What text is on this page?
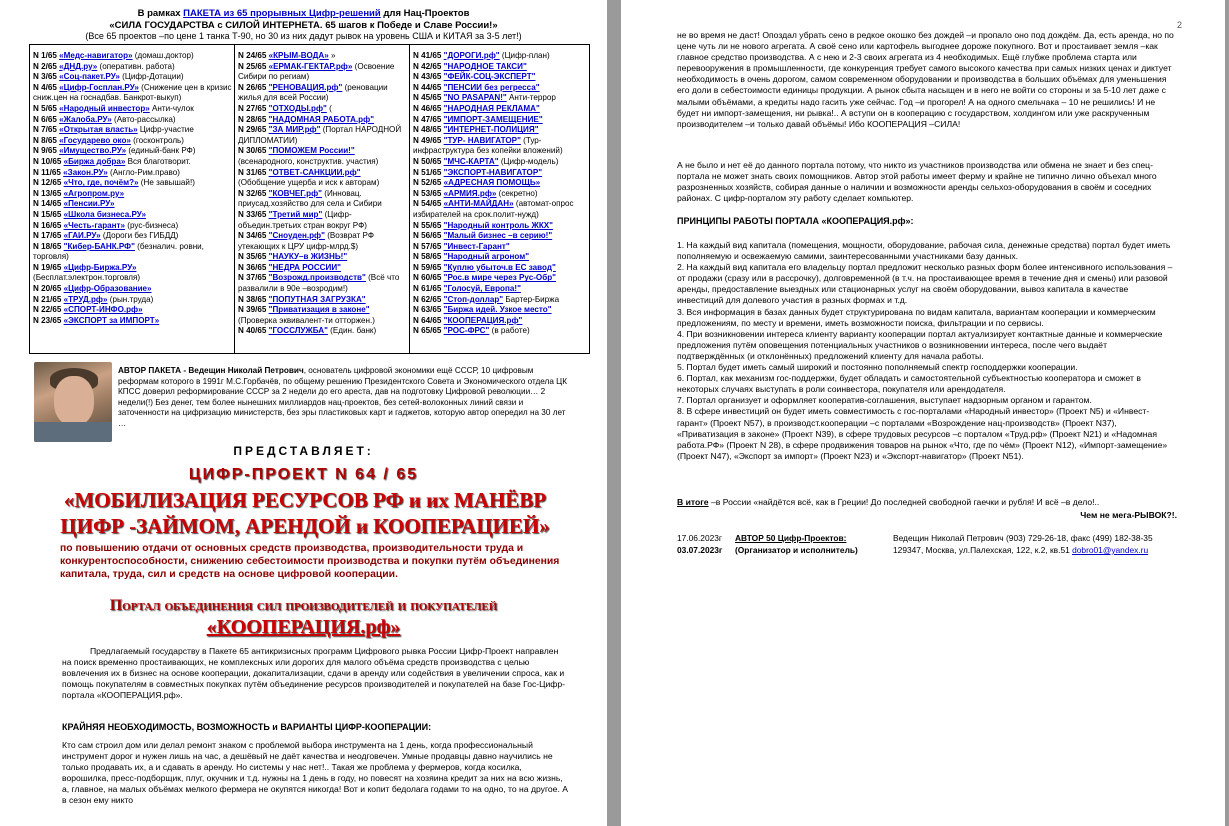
В рамках ПАКЕТА из 65 прорывных Цифр-решений для Нац-Проектов
«СИЛА ГОСУДАРСТВА с СИЛОЙ ИНТЕРНЕТА. 65 шагов к Победе и Славе России!»
(Все 65 проектов –по цене 1 танка Т-90, но 30 из них дадут рывок на уровень США и КИТАЯ за 3-5 лет!)
N 1/65 «Медс-навигатор» (домаш.доктор)
N 2/65 «ДНД.ру» (оперативн. работа)
N 3/65 «Соц-пакет.РУ» (Цифр-Дотации)
N 4/65 «Цифр-Госплан.РУ» (Снижение цен в кризис сниж.цен на госнадбав. Банкрот-выкуп)
N 5/65 «Народный инвестор» Анти-чулок
N 6/65 «Жалоба.РУ» (Авто-рассылка)
N 7/65 «Открытая власть» Цифр-участие
N 8/65 «Государево око» (госконтроль)
N 9/65 «Имущество.РУ» (единый-банк РФ)
N 10/65 «Биржа добра» Вся благотворит.
N 11/65 «Закон.РУ» (Англо-Рим.право)
N 12/65 «Что, где, почём?» (Не завышай!)
N 13/65 «Агропром.ру»
N 14/65 «Пенсии.РУ»
N 15/65 «Школа бизнеса.РУ»
N 16/65 «Честь-гарант» (рус-бизнеса)
N 17/65 «ГАИ.РУ» (Дороги без ГИБДД)
N 18/65 "Кибер-БАНК.РФ" (безналич. ровни, торговля)
N 19/65 «Цифр-Биржа.РУ» (Бесплат.электрон.торговля)
N 20/65 «Цифр-Образование»
N 21/65 «ТРУД.рф» (рын.труда)
N 22/65 «СПОРТ-ИНФО.рф»
N 23/65 «ЭКСПОРТ за ИМПОРТ»
N 24/65 «КРЫМ-ВОДА» »
N 25/65 «ЕРМАК-ГЕКТАР.рф» (Освоение Сибири по региам)
N 26/65 "РЕНОВАЦИЯ.рф" (реновации жилья для всей России)
N 27/65 "ОТХОДЫ.рф" (
N 28/65 "НАДОМНАЯ РАБОТА.рф"
N 29/65 "ЗА МИР.рф" (Портал НАРОДНОЙ ДИПЛОМАТИИ)
N 30/65 "ПОМОЖЕМ России!" (всенародного, конструктив. участия)
N 31/65 "ОТВЕТ-САНКЦИИ.рф" (Обобщение ущерба и иск к авторам)
N 32/65 "КОВЧЕГ.рф" (Инновац. приусад.хозяйство для села и Сибири
N 33/65 "Третий мир" (Цифр-объедин.третьих стран вокруг РФ)
N 34/65 "Сноуден.рф" (Возврат РФ утекающих к ЦРУ цифр-млрд.$)
N 35/65 "НАУКУ–в ЖИЗНЬ!"
N 36/65 "НЕДРА РОССИИ"
N 37/65 "Возрожд.производств" (Всё что развалили в 90е –возродим!)
N 38/65 "ПОПУТНАЯ ЗАГРУЗКА"
N 39/65 "Приватизация в законе" (Проверка эквивалент-ти отторжен.)
N 40/65 "ГОССЛУЖБА" (Един. банк)
N 41/65 "ДОРОГИ.рф" (Цифр-план)
N 42/65 "НАРОДНОЕ ТАКСИ"
N 43/65 "ФЕЙК-СОЦ-ЭКСПЕРТ"
N 44/65 "ПЕНСИИ без регресса"
N 45/65 "NO PASAPAN!" Анти-террор
N 46/65 "НАРОДНАЯ РЕКЛАМА"
N 47/65 "ИМПОРТ-ЗАМЕЩЕНИЕ"
N 48/65 "ИНТЕРНЕТ-ПОЛИЦИЯ"
N 49/65 "ТУР- НАВИГАТОР" (Тур-инфраструктура без копейки вложений)
N 50/65 "МЧС-КАРТА" (Цифр-модель)
N 51/65 "ЭКСПОРТ-НАВИГАТОР"
N 52/65 «АДРЕСНАЯ ПОМОЩЬ»
N 53/65 «АРМИЯ.рф» (секретно)
N 54/65 «АНТИ-МАЙДАН» (автомат-опрос избирателей на срок.полит-нужд)
N 55/65 "Народный контроль ЖКХ"
N 56/65 "Малый бизнес –в серию!"
N 57/65 "Инвест-Гарант"
N 58/65 "Народный агроном"
N 59/65 "Куплю убыточ.в ЕС завод"
N 60/65 "Рос.в мире через Рус-Обр"
N 61/65 "Голосуй, Европа!"
N 62/65 "Стоп-доллар" Бартер-Биржа
N 63/65 "Биржа идей. Узкое место"
N 64/65 "КООПЕРАЦИЯ.рф"
N 65/65 "РОС-ФРС" (в работе)
АВТОР ПАКЕТА - Ведещин Николай Петрович, основатель цифровой экономики ещё СССР, 10 цифровым реформам которого в 1991г М.С.Горбачёв, по общему решению Президентского Совета и Экономического отдела ЦК КПСС доверил реформирование СССР за 2 недели до его ареста, дав на подготовку Цифровой революции… 2 недели(!) Без денег, тем более нынешних миллиардов нац-проектов, без сетей-волоконных линий связи и заточенности на цифризацию министерств, без эры пластиковых карт и гаджетов, которую автор опередил на 30 лет …
ПРЕДСТАВЛЯЕТ:
ЦИФР-ПРОЕКТ N 64 / 65
«МОБИЛИЗАЦИЯ РЕСУРСОВ РФ и их МАНЁВР
ЦИФР -ЗАЙМОМ, АРЕНДОЙ и КООПЕРАЦИЕЙ»
по повышению отдачи от основных средств производства, производительности труда и конкурентоспособности, снижению себестоимости производства и покупки путём объединения капитала, труда, сил и средств на основе цифровой кооперации.
Портал объединения сил производителей и покупателей
«КООПЕРАЦИЯ.рф»
Предлагаемый государству в Пакете 65 антикризисных программ Цифрового рывка России Цифр-Проект направлен на поиск временно простаивающих, не комплексных или дорогих для малого объёма средств производства с целью вовлечения их в бизнес на основе кооперации, докапитализации, сдачи в аренду или содействия в увеличении спроса, как и помощь покупателям в совместных покупках путём объединение ресурсов производителей и покупателей на базе Гос-Цифр-портала «КООПЕРАЦИЯ.рф».
КРАЙНЯЯ НЕОБХОДИМОСТЬ, ВОЗМОЖНОСТЬ и ВАРИАНТЫ ЦИФР-КООПЕРАЦИИ:
Кто сам строил дом или делал ремонт знаком с проблемой выбора инструмента на 1 день, когда профессиональный инструмент дорог и нужен лишь на час, а дешёвый не даёт качества и неодговечен. Умные продавцы давно научились не только продавать их, а и сдавать в аренду. Но системы у нас нет!.. Такая же проблема у фермеров, когда косилка, ворошилка, пресс-подборщик, плуг, окучник и т.д. нужны на 1 день в году, но повесят на хозяина кредит за них на всю жизнь, а, главное, на малых объёмах мелкого фермера не окупятся никогда! Вот и копит бедолага годами то на одно, то на другое. А в сезон ему никто
2
не во время не даст! Опоздал убрать сено в редкое окошко без дождей –и пропало оно под дождём. Да, есть аренда, но по цене чуть ли не нового агрегата. А своё сено или картофель выгоднее дороже покупного. Вот и простаивает земля –как главное средство производства. А с нею и 2-3 своих агрегата из 4 необходимых. Ещё глубже проблема старта или перевооружения в промышленности, где конкуренция требует самого высокого качества при самых низких ценах и диктует необходимость в очень дорогом, самом современном оборудовании и производства в больших объёмах для уменьшения его доли в себестоимости единицы продукции. А рынок сбыта насыщен и в него не войти со стороны и за 5-10 лет даже с малыми объёмами, а кредиты надо гасить уже сейчас. Год –и прогорел! А на одного смельчака – 10 не решились! И не будет ни импорт-замещения, ни рывка!.. А вступи он в кооперацию с государством, холдингом или уже раскрученным производителем –и только давай объёмы! Ибо КООПЕРАЦИЯ –СИЛА!
А не было и нет её до данного портала потому, что никто из участников производства или обмена не знает и без спец-портала не может знать своих помощников. Автор этой работы имеет ферму и крайне не типично лично объехал много разрозненных хозяйств, собирая данные о наличии и возможности аренды сельхоз-оборудования в своём и соседних районах. С цифр-порталом эту работу сделает компьютер.
ПРИНЦИПЫ РАБОТЫ ПОРТАЛА «КООПЕРАЦИЯ.рф»:
1. На каждый вид капитала (помещения, мощности, оборудование, рабочая сила, денежные средства) портал будет иметь пополняемую и освежаемую самими, заинтересованными участниками базу данных.
2. На каждый вид капитала его владельцу портал предложит несколько разных форм более интенсивного использования –от продажи (сразу или в рассрочку), долговременной (в т.ч. на простаивающее время в течение дня и смены) или разовой аренды, предоставление выездных или стационарных услуг на своём оборудовании, вывоз капитала в качестве инвестиций для долевого участия в разных формах и т.д.
3. Вся информация в базах данных будет структурирована по видам капитала, вариантам кооперации и коммерческим предложениям, по месту и времени, иметь возможности поиска, фильтрации и по сервисы.
4. При возникновении интереса клиенту варианту кооперации портал актуализирует контактные данные и коммерческие предложения путём оповещения потенциальных участников о возникновении интереса, после чего выдаёт подтверждённых (и отклонённых) предложений клиенту для начала работы.
5. Портал будет иметь самый широкий и постоянно пополняемый спектр господдержки кооперации.
6. Портал, как механизм гос-поддержки, будет обладать и самостоятельной субъектностью кооператора и сможет в некоторых случаях выступать в роли соинвестора, покупателя или арендодателя.
7. Портал организует и оформляет кооператив-соглашения, выступает надзорным органом и гарантом.
8. В сфере инвестиций он будет иметь совместимость с гос-порталами «Народный инвестор» (Проект N5) и «Инвест-гарант» (Проект N57), в производст.кооперации –с порталами «Возрождение нац-производств» (Проект N37), «Приватизация в законе» (Проект N39), в сфере трудовых ресурсов –с порталом «Труд.рф» (Проект N21) и «Надомная работа.РФ» (Проект N 28), в сфере продвижения товаров на рынок «Что, где по чём» (Проект N12), «Импорт-замещение» (Проект N47), «Экспорт за импорт» (Проект N23) и «Экспорт-навигатор» (Проект N51).
В итоге –в России «найдётся всё, как в Греции! До последней свободной гаечки и рубля! И всё –в дело!..
Чем не мега-РЫВОК?!.
17.06.2023г АВТОР 50 Цифр-Проектов:
03.07.2023г (Организатор и исполнитель)
Ведещин Николай Петрович (903) 729-26-18, факс (499) 182-38-35
129347, Москва, ул.Палехская, 122, к.2, кв.51 dobro01@yandex.ru
